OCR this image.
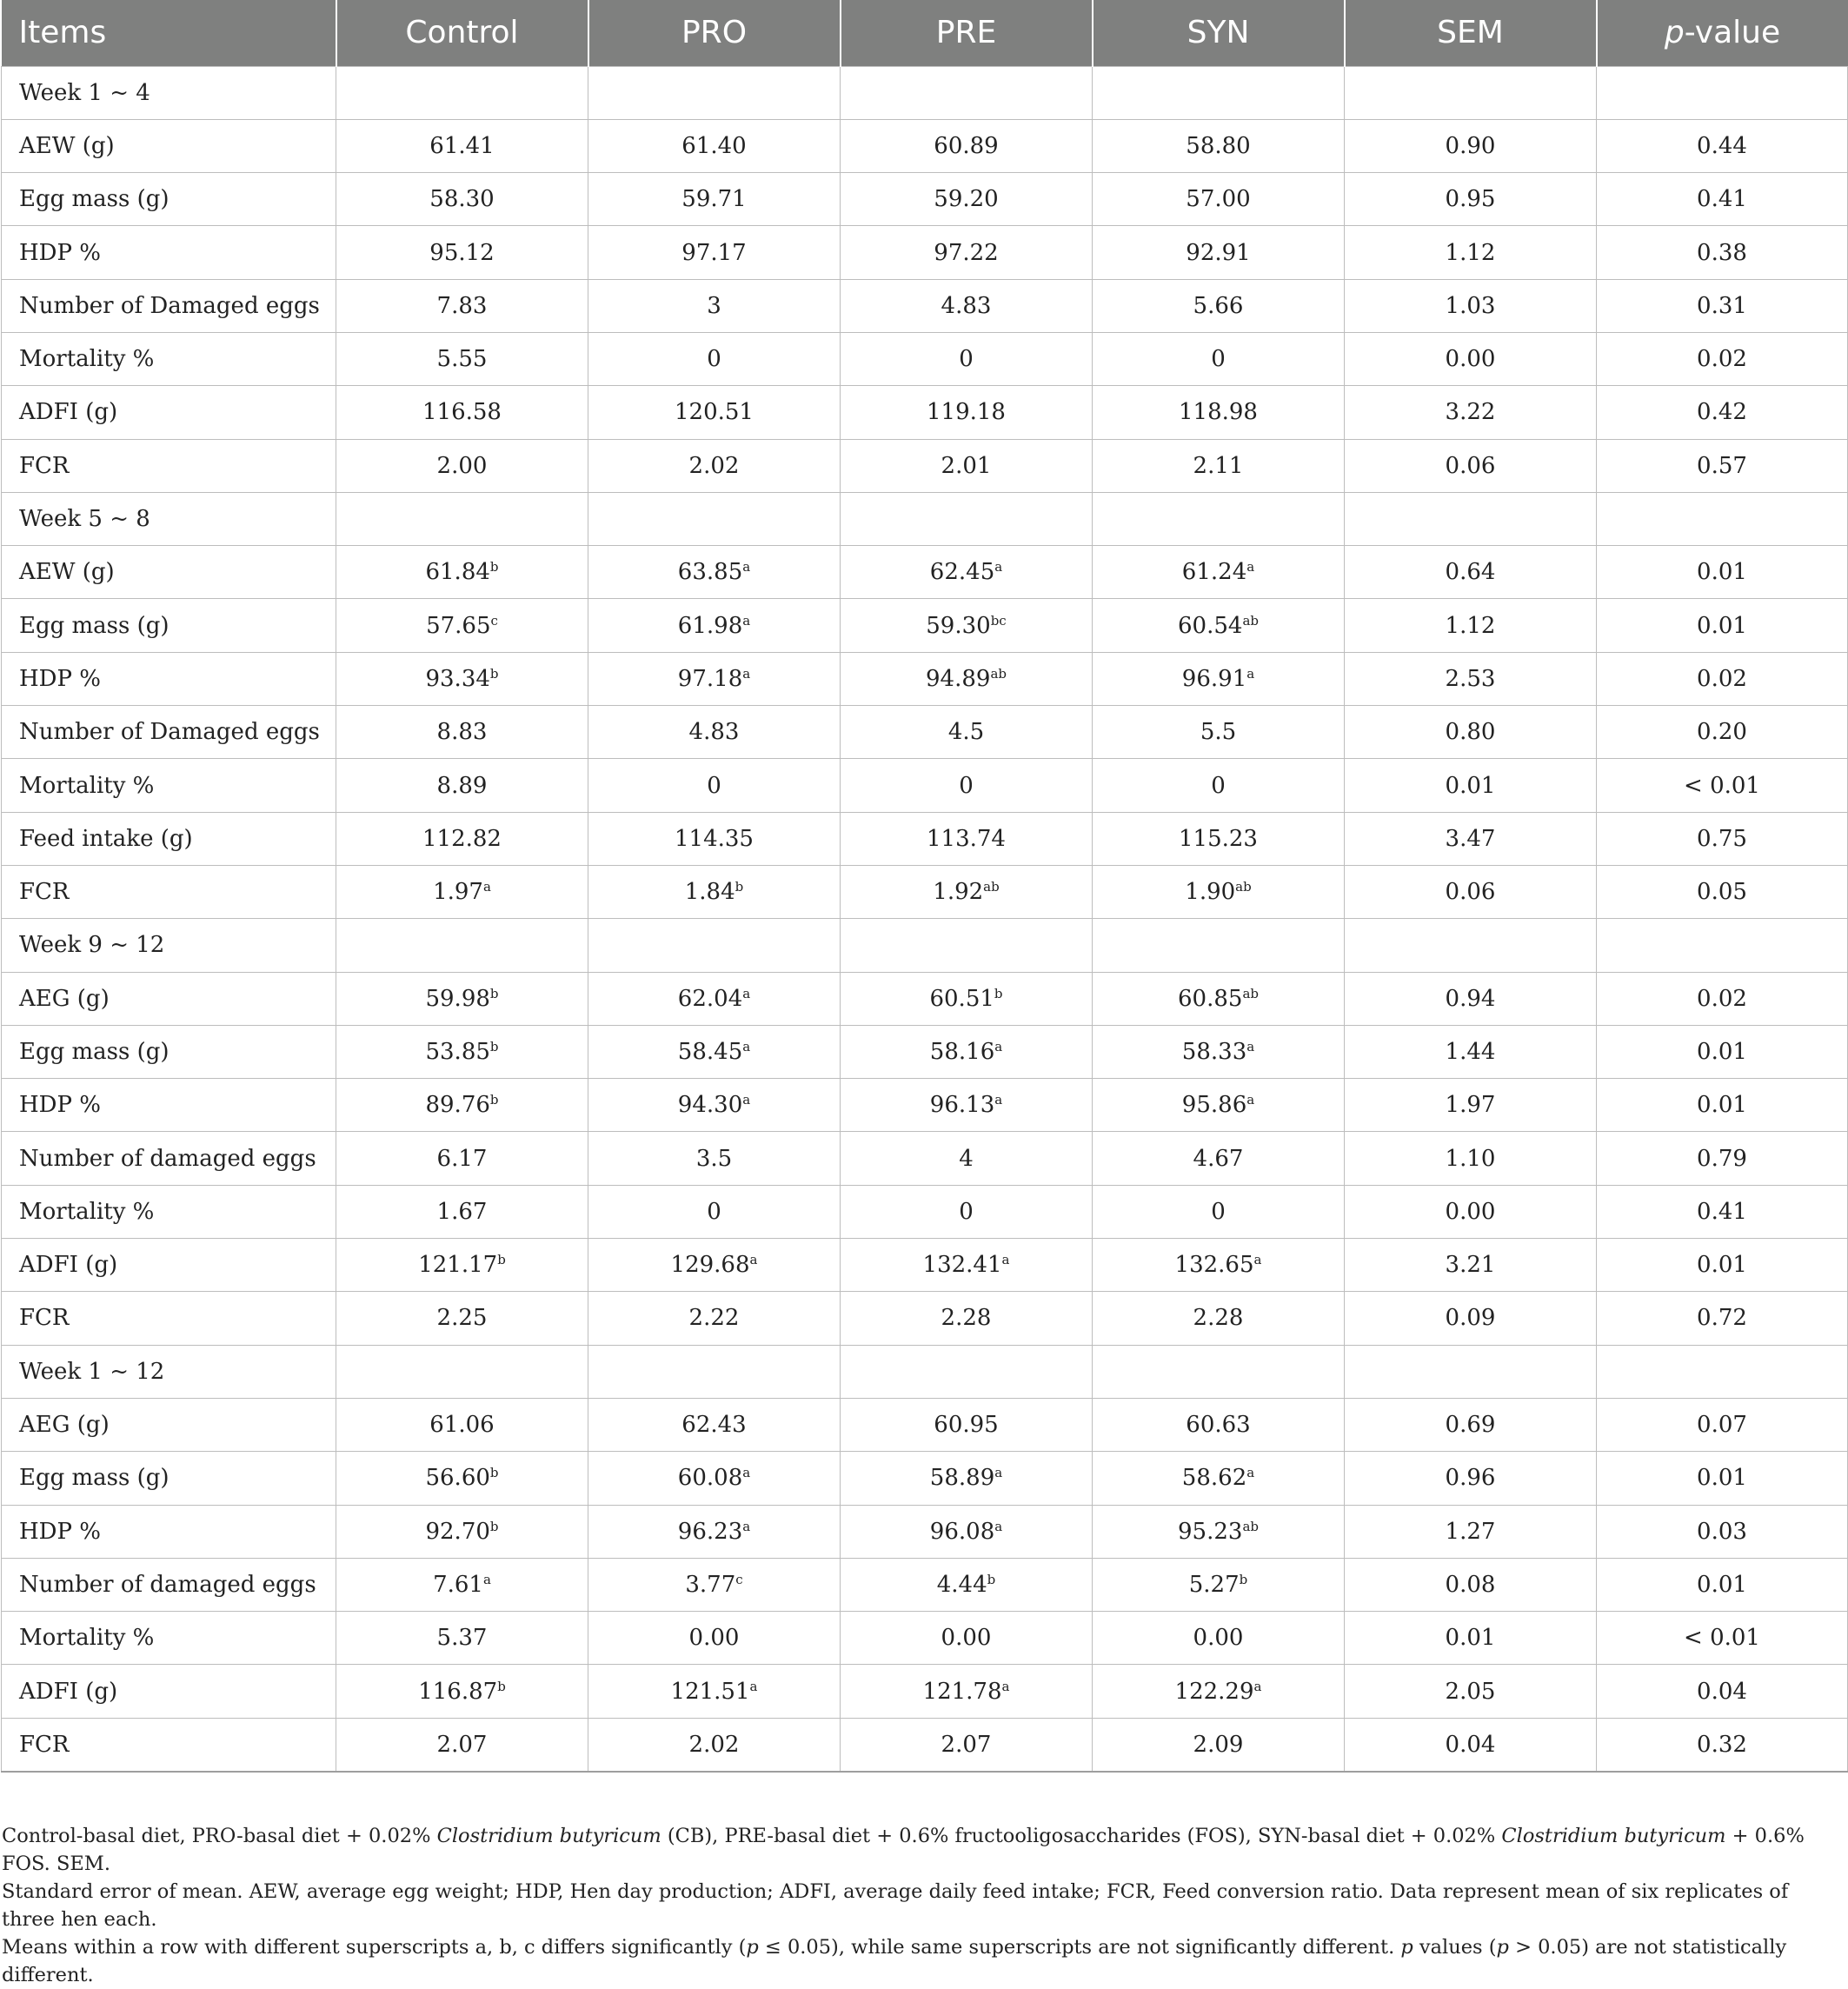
Items	Control	PRO	PRE	SYN	SEM	p-value
Week 1 ~ 4						
AEW (g)	61.41	61.40	60.89	58.80	0.90	0.44
Egg mass (g)	58.30	59.71	59.20	57.00	0.95	0.41
HDP %	95.12	97.17	97.22	92.91	1.12	0.38
Number of Damaged eggs	7.83	3	4.83	5.66	1.03	0.31
Mortality %	5.55	0	0	0	0.00	0.02
ADFI (g)	116.58	120.51	119.18	118.98	3.22	0.42
FCR	2.00	2.02	2.01	2.11	0.06	0.57
Week 5 ~ 8						
AEW (g)	61.84$^b$	63.85$^a$	62.45$^a$	61.24$^a$	0.64	0.01
Egg mass (g)	57.65$^c$	61.98$^a$	59.30$^{bc}$	60.54$^{ab}$	1.12	0.01
HDP %	93.34$^b$	97.18$^a$	94.89$^{ab}$	96.91$^a$	2.53	0.02
Number of Damaged eggs	8.83	4.83	4.5	5.5	0.80	0.20
Mortality %	8.89	0	0	0	0.01	< 0.01
Feed intake (g)	112.82	114.35	113.74	115.23	3.47	0.75
FCR	1.97$^a$	1.84$^b$	1.92$^{ab}$	1.90$^{ab}$	0.06	0.05
Week 9 ~ 12						
AEG (g)	59.98$^b$	62.04$^a$	60.51$^b$	60.85$^{ab}$	0.94	0.02
Egg mass (g)	53.85$^b$	58.45$^a$	58.16$^a$	58.33$^a$	1.44	0.01
HDP %	89.76$^b$	94.30$^a$	96.13$^a$	95.86$^a$	1.97	0.01
Number of damaged eggs	6.17	3.5	4	4.67	1.10	0.79
Mortality %	1.67	0	0	0	0.00	0.41
ADFI (g)	121.17$^b$	129.68$^a$	132.41$^a$	132.65$^a$	3.21	0.01
FCR	2.25	2.22	2.28	2.28	0.09	0.72
Week 1 ~ 12						
AEG (g)	61.06	62.43	60.95	60.63	0.69	0.07
Egg mass (g)	56.60$^b$	60.08$^a$	58.89$^a$	58.62$^a$	0.96	0.01
HDP %	92.70$^b$	96.23$^a$	96.08$^a$	95.23$^{ab}$	1.27	0.03
Number of damaged eggs	7.61$^a$	3.77$^c$	4.44$^b$	5.27$^b$	0.08	0.01
Mortality %	5.37	0.00	0.00	0.00	0.01	< 0.01
ADFI (g)	116.87$^b$	121.51$^a$	121.78$^a$	122.29$^a$	2.05	0.04
FCR	2.07	2.02	2.07	2.09	0.04	0.32

Control-basal diet, PRO-basal diet + 0.02% Clostridium butyricum (CB), PRE-basal diet + 0.6% fructooligosaccharides (FOS), SYN-basal diet + 0.02% Clostridium butyricum + 0.6% FOS. SEM.

Standard error of mean. AEW, average egg weight; HDP, Hen day production; ADFI, average daily feed intake; FCR, Feed conversion ratio. Data represent mean of six replicates of three hen each.

Means within a row with different superscripts a, b, c differs significantly (p ≤ 0.05), while same superscripts are not significantly different. p values (p > 0.05) are not statistically different.
